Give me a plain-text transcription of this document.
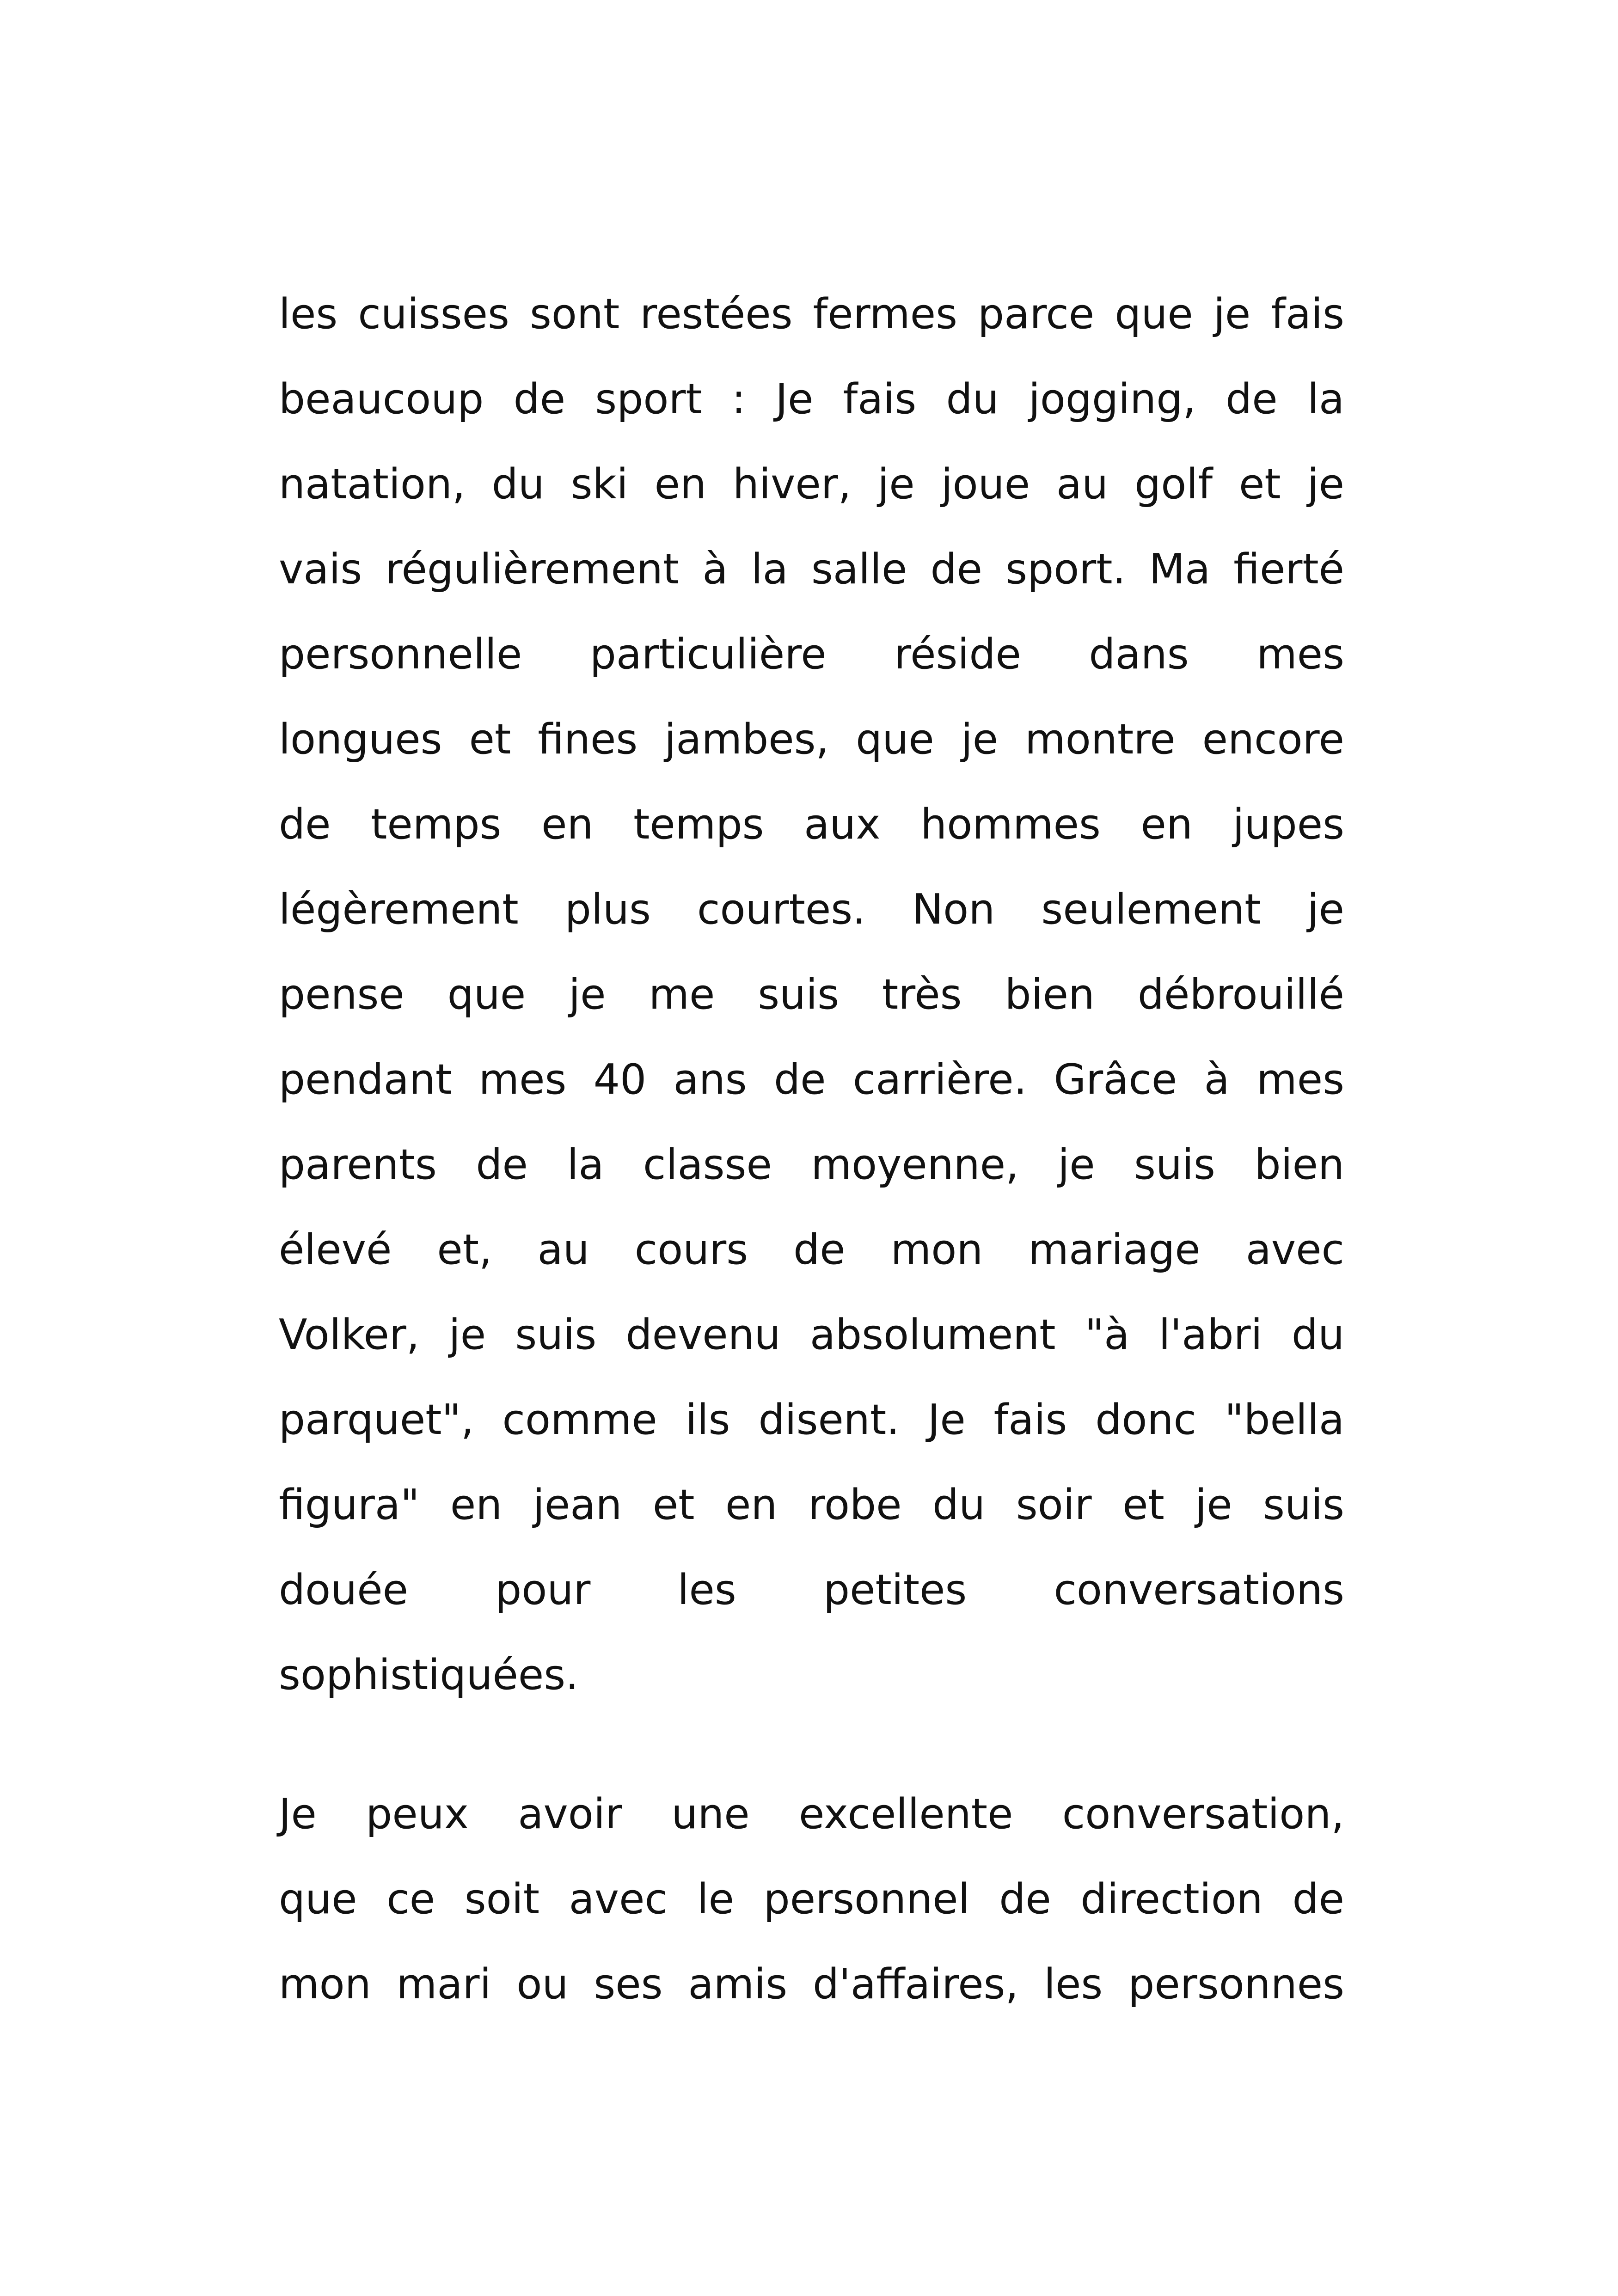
les cuisses sont restées fermes parce que je fais
beaucoup de sport : Je fais du jogging, de la
natation, du ski en hiver, je joue au golf et je
vais régulièrement à la salle de sport. Ma fierté
personnelle particulière réside dans mes
longues et fines jambes, que je montre encore
de temps en temps aux hommes en jupes
légèrement plus courtes. Non seulement je
pense que je me suis très bien débrouillé
pendant mes 40 ans de carrière. Grâce à mes
parents de la classe moyenne, je suis bien
élevé et, au cours de mon mariage avec
Volker, je suis devenu absolument "à l'abri du
parquet", comme ils disent. Je fais donc "bella
figura" en jean et en robe du soir et je suis
douée pour les petites conversations
sophistiquées.
Je peux avoir une excellente conversation,
que ce soit avec le personnel de direction de
mon mari ou ses amis d'affaires, les personnes
